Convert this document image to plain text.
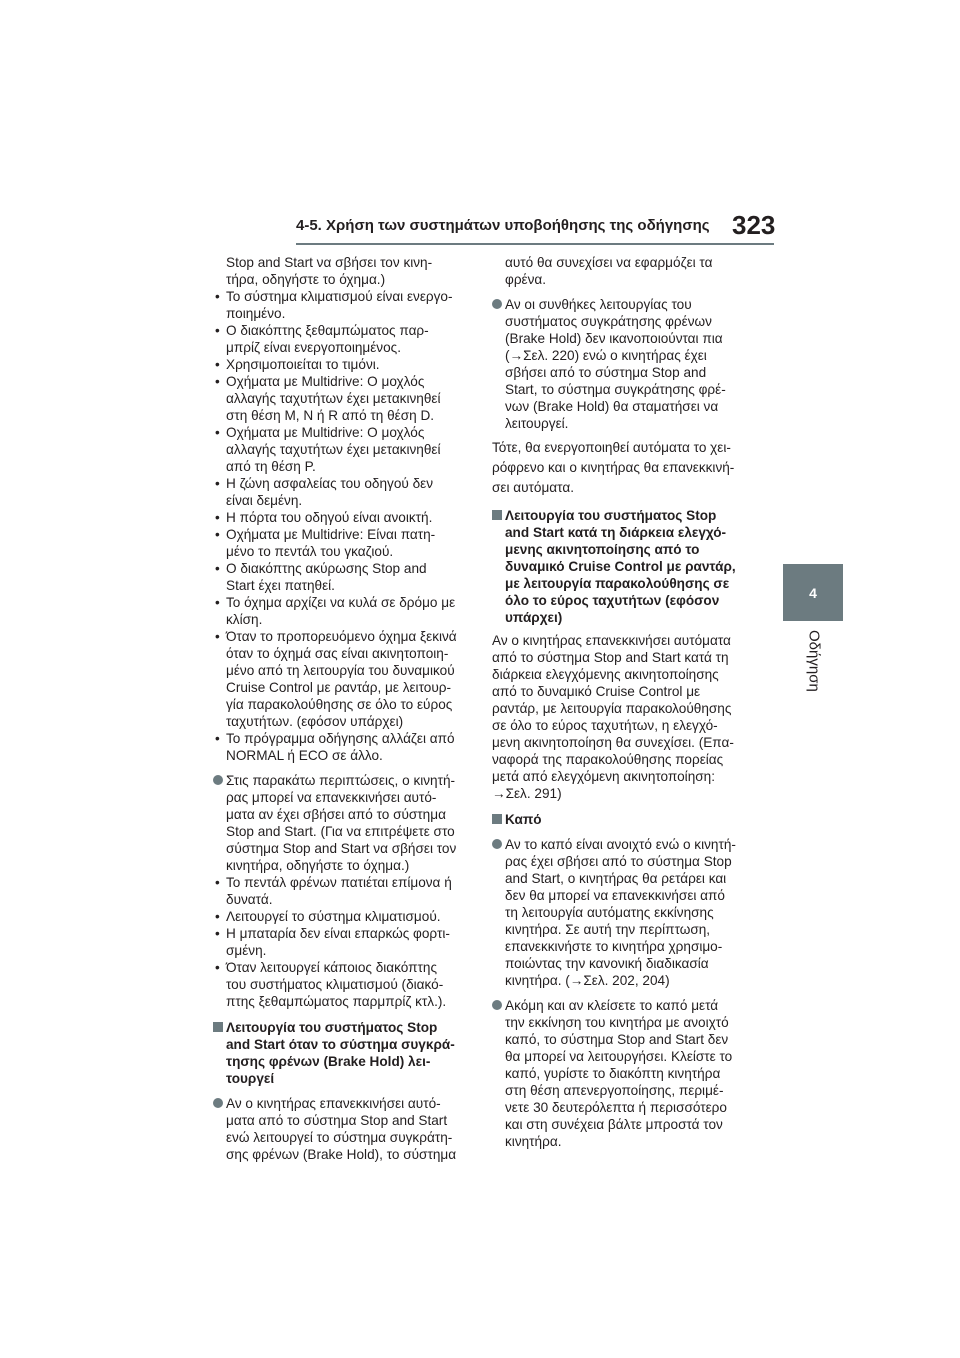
4-5. Χρήση των συστημάτων υποβοήθησης της οδήγησης 323
4
Οδήγηση
Stop and Start να σβήσει τον κινη-
τήρα, οδηγήστε το όχημα.)
• Το σύστημα κλιματισμού είναι ενεργο-
ποιημένο.
• Ο διακόπτης ξεθαμπώματος παρ-
μπρίζ είναι ενεργοποιημένος.
• Χρησιμοποιείται το τιμόνι.
• Οχήματα με Multidrive: Ο μοχλός
αλλαγής ταχυτήτων έχει μετακινηθεί
στη θέση M, N ή R από τη θέση D.
• Οχήματα με Multidrive: Ο μοχλός
αλλαγής ταχυτήτων έχει μετακινηθεί
από τη θέση P.
• Η ζώνη ασφαλείας του οδηγού δεν
είναι δεμένη.
• Η πόρτα του οδηγού είναι ανοικτή.
• Οχήματα με Multidrive: Είναι πατη-
μένο το πεντάλ του γκαζιού.
• Ο διακόπτης ακύρωσης Stop and
Start έχει πατηθεί.
• Το όχημα αρχίζει να κυλά σε δρόμο με
κλίση.
• Όταν το προπορευόμενο όχημα ξεκινά
όταν το όχημά σας είναι ακινητοποιη-
μένο από τη λειτουργία του δυναμικού
Cruise Control με ραντάρ, με λειτουρ-
γία παρακολούθησης σε όλο το εύρος
ταχυτήτων. (εφόσον υπάρχει)
• Το πρόγραμμα οδήγησης αλλάζει από
NORMAL ή ECO σε άλλο.
Στις παρακάτω περιπτώσεις, ο κινητή-
ρας μπορεί να επανεκκινήσει αυτό-
ματα αν έχει σβήσει από το σύστημα
Stop and Start. (Για να επιτρέψετε στο
σύστημα Stop and Start να σβήσει τον
κινητήρα, οδηγήστε το όχημα.)
• Το πεντάλ φρένων πατιέται επίμονα ή
δυνατά.
• Λειτουργεί το σύστημα κλιματισμού.
• Η μπαταρία δεν είναι επαρκώς φορτι-
σμένη.
• Όταν λειτουργεί κάποιος διακόπτης
του συστήματος κλιματισμού (διακό-
πτης ξεθαμπώματος παρμπρίζ κτλ.).
Λειτουργία του συστήματος Stop
and Start όταν το σύστημα συγκρά-
τησης φρένων (Brake Hold) λει-
τουργεί
Αν ο κινητήρας επανεκκινήσει αυτό-
ματα από το σύστημα Stop and Start
ενώ λειτουργεί το σύστημα συγκράτη-
σης φρένων (Brake Hold), το σύστημα
αυτό θα συνεχίσει να εφαρμόζει τα
φρένα.
Αν οι συνθήκες λειτουργίας του
συστήματος συγκράτησης φρένων
(Brake Hold) δεν ικανοποιούνται πια
(→Σελ. 220) ενώ ο κινητήρας έχει
σβήσει από το σύστημα Stop and
Start, το σύστημα συγκράτησης φρέ-
νων (Brake Hold) θα σταματήσει να
λειτουργεί.
Τότε, θα ενεργοποιηθεί αυτόματα το χει-
ρόφρενο και ο κινητήρας θα επανεκκινή-
σει αυτόματα.
Λειτουργία του συστήματος Stop
and Start κατά τη διάρκεια ελεγχό-
μενης ακινητοποίησης από το
δυναμικό Cruise Control με ραντάρ,
με λειτουργία παρακολούθησης σε
όλο το εύρος ταχυτήτων (εφόσον
υπάρχει)
Αν ο κινητήρας επανεκκινήσει αυτόματα
από το σύστημα Stop and Start κατά τη
διάρκεια ελεγχόμενης ακινητοποίησης
από το δυναμικό Cruise Control με
ραντάρ, με λειτουργία παρακολούθησης
σε όλο το εύρος ταχυτήτων, η ελεγχό-
μενη ακινητοποίηση θα συνεχίσει. (Επα-
ναφορά της παρακολούθησης πορείας
μετά από ελεγχόμενη ακινητοποίηση:
→Σελ. 291)
Καπό
Αν το καπό είναι ανοιχτό ενώ ο κινητή-
ρας έχει σβήσει από το σύστημα Stop
and Start, ο κινητήρας θα ρετάρει και
δεν θα μπορεί να επανεκκινήσει από
τη λειτουργία αυτόματης εκκίνησης
κινητήρα. Σε αυτή την περίπτωση,
επανεκκινήστε το κινητήρα χρησιμο-
ποιώντας την κανονική διαδικασία
κινητήρα. (→Σελ. 202, 204)
Ακόμη και αν κλείσετε το καπό μετά
την εκκίνηση του κινητήρα με ανοιχτό
καπό, το σύστημα Stop and Start δεν
θα μπορεί να λειτουργήσει. Κλείστε το
καπό, γυρίστε το διακόπτη κινητήρα
στη θέση απενεργοποίησης, περιμέ-
νετε 30 δευτερόλεπτα ή περισσότερο
και στη συνέχεια βάλτε μπροστά τον
κινητήρα.
